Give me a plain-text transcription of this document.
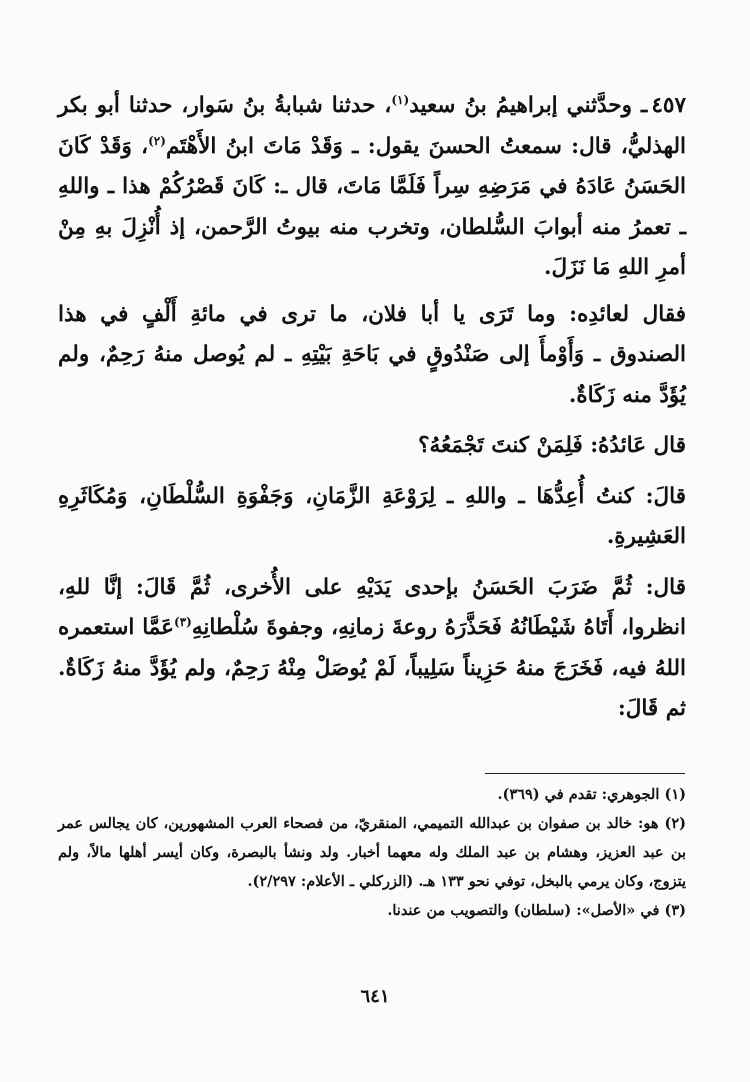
٤٥٧ـ وحدَّثني إبراهيمُ بنُ سعيد$^{(١)}$، حدثنا شبابةُ بنُ سَوار، حدثنا أبو بكر الهذليُّ، قال: سمعتُ الحسنَ يقول: ـ وَقَدْ مَاتَ ابنُ الأَهْتَم$^{(٢)}$، وَقَدْ كَانَ الحَسَنُ عَادَهُ في مَرَضِهِ سِراً فَلَمَّا مَاتَ، قال ـ: كَانَ قَصْرُكُمْ هذا ـ واللهِ ـ تعمرُ منه أبوابَ السُّلطان، وتخرب منه بيوتُ الرَّحمن، إذ أُنْزِلَ بهِ مِنْ أمرِ اللهِ مَا نَزَلَ.

فقال لعائدِه: وما تَرَى يا أبا فلان، ما ترى في مائةِ أَلْفٍ في هذا الصندوق ـ وَأَوْمأَ إلى صَنْدُوقٍ في بَاحَةِ بَيْتِهِ ـ لم يُوصل منهُ رَحِمٌ، ولم يُؤَدَّ منه زَكَاةٌ.

قال عَائدُهُ: فَلِمَنْ كنتَ تَجْمَعُهُ؟

قالَ: كنتُ أُعِدُّهَا ـ واللهِ ـ لِرَوْعَةِ الزَّمَانِ، وَجَفْوَةِ السُّلْطَانِ، وَمُكَاثَرِهِ العَشِيرةِ.

قال: ثُمَّ ضَرَبَ الحَسَنُ بإحدى يَدَيْهِ على الأُخرى، ثُمَّ قَالَ: إنَّا للهِ، انظروا، أَتَاهُ شَيْطَانُهُ فَحَذَّرَهُ روعةَ زمانِهِ، وجفوةَ سُلْطانِهِ$^{(٣)}$عَمَّا استعمره اللهُ فيه، فَخَرَجَ منهُ حَزِيناً سَلِيباً، لَمْ يُوصَلْ مِنْهُ رَحِمٌ، ولم يُؤَدَّ منهُ زَكَاةٌ. ثم قَالَ:

(١) الجوهري: تقدم في (٣٦٩).

(٢) هو: خالد بن صفوان بن عبدالله التميمي، المنقريّ، من فصحاء العرب المشهورين، كان يجالس عمر بن عبد العزيز، وهشام بن عبد الملك وله معهما أخبار. ولد ونشأ بالبصرة، وكان أيسر أهلها مالاً، ولم يتزوج، وكان يرمي بالبخل، توفي نحو ١٣٣ هـ. (الزركلي ـ الأعلام: ٢/٢٩٧).

(٣) في «الأصل»: (سلطان) والتصويب من عندنا.

٦٤١
